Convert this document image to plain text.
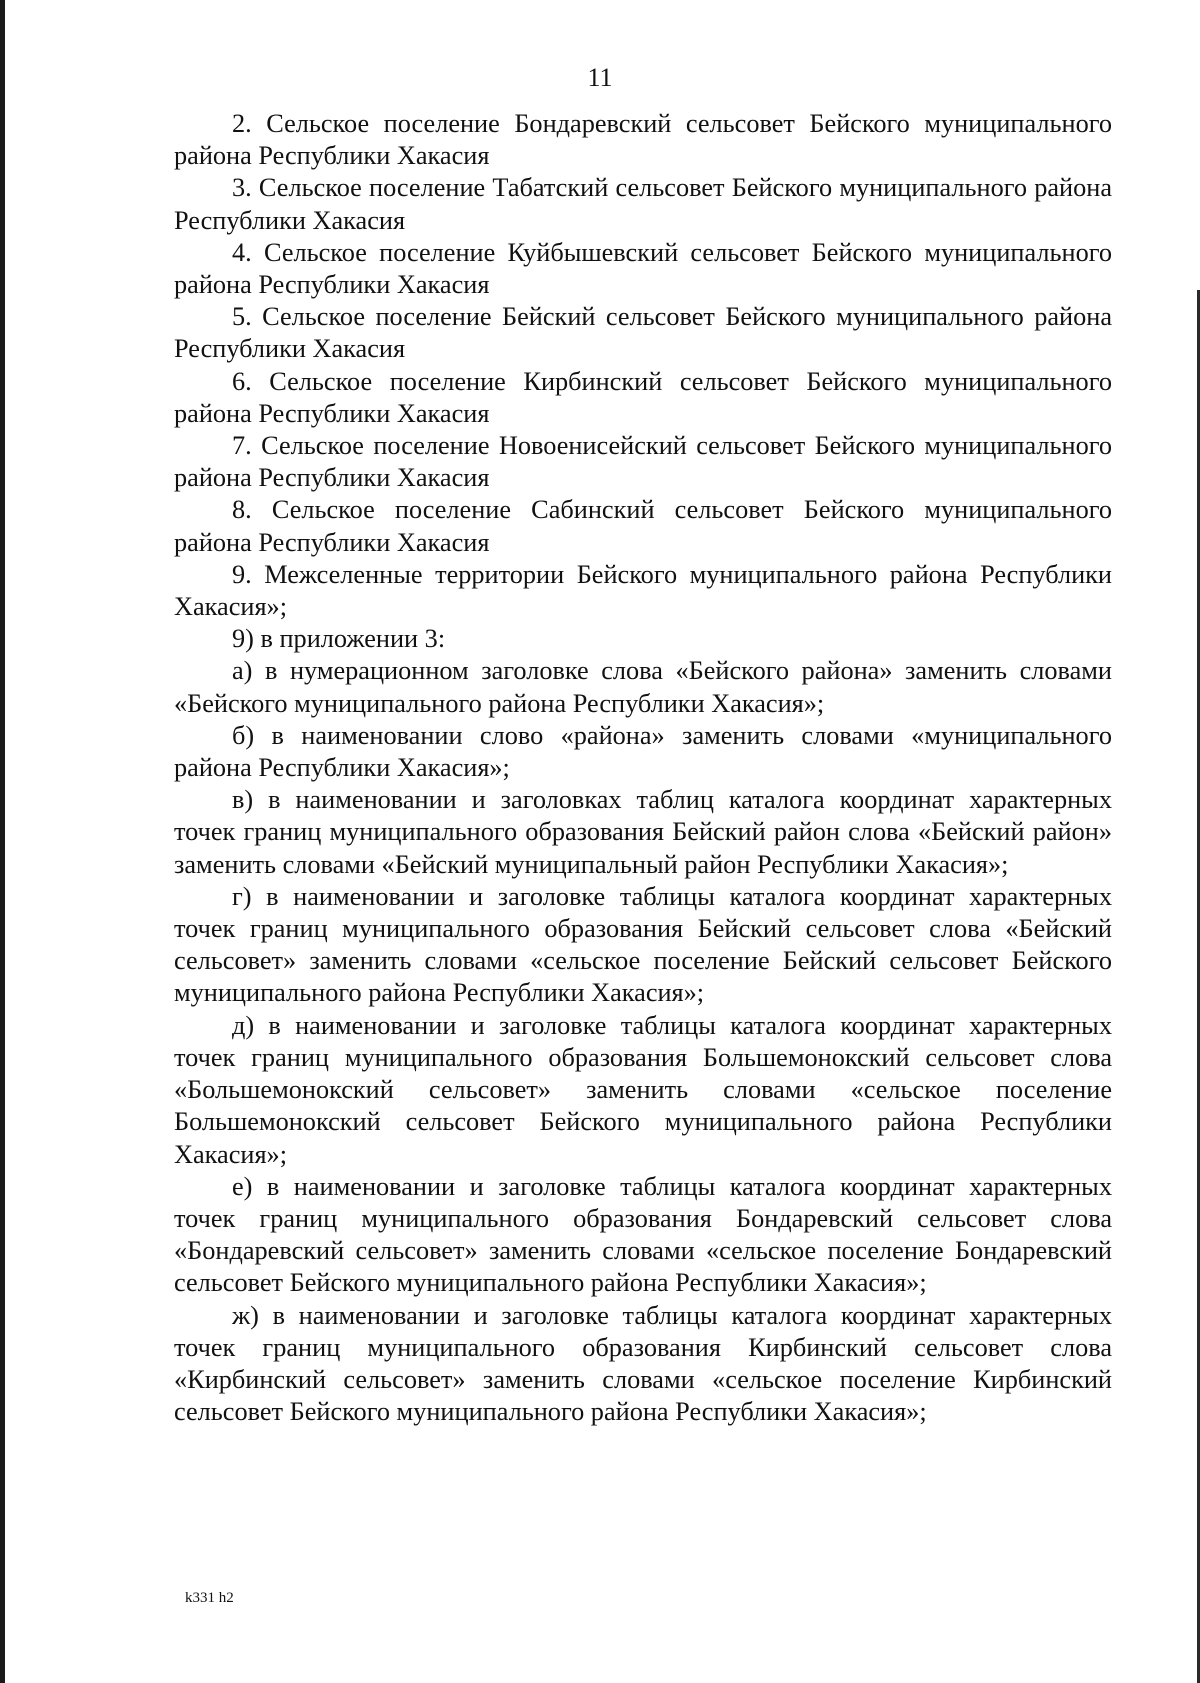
11

2. Сельское поселение Бондаревский сельсовет Бейского муниципального района Республики Хакасия

3. Сельское поселение Табатский сельсовет Бейского муниципального района Республики Хакасия

4. Сельское поселение Куйбышевский сельсовет Бейского муниципального района Республики Хакасия

5. Сельское поселение Бейский сельсовет Бейского муниципального района Республики Хакасия

6. Сельское поселение Кирбинский сельсовет Бейского муниципального района Республики Хакасия

7. Сельское поселение Новоенисейский сельсовет Бейского муниципального района Республики Хакасия

8. Сельское поселение Сабинский сельсовет Бейского муниципального района Республики Хакасия

9. Межселенные территории Бейского муниципального района Республики Хакасия»;

9) в приложении 3:

а) в нумерационном заголовке слова «Бейского района» заменить словами «Бейского муниципального района Республики Хакасия»;

б) в наименовании слово «района» заменить словами «муниципального района Республики Хакасия»;

в) в наименовании и заголовках таблиц каталога координат характерных точек границ муниципального образования Бейский район слова «Бейский район» заменить словами «Бейский муниципальный район Республики Хакасия»;

г) в наименовании и заголовке таблицы каталога координат характерных точек границ муниципального образования Бейский сельсовет слова «Бейский сельсовет» заменить словами «сельское поселение Бейский сельсовет Бейского муниципального района Республики Хакасия»;

д) в наименовании и заголовке таблицы каталога координат характерных точек границ муниципального образования Большемонокский сельсовет слова «Большемонокский сельсовет» заменить словами «сельское поселение Большемонокский сельсовет Бейского муниципального района Республики Хакасия»;

е) в наименовании и заголовке таблицы каталога координат характерных точек границ муниципального образования Бондаревский сельсовет слова «Бондаревский сельсовет» заменить словами «сельское поселение Бондаревский сельсовет Бейского муниципального района Республики Хакасия»;

ж) в наименовании и заголовке таблицы каталога координат характерных точек границ муниципального образования Кирбинский сельсовет слова «Кирбинский сельсовет» заменить словами «сельское поселение Кирбинский сельсовет Бейского муниципального района Республики Хакасия»;

k331 h2
